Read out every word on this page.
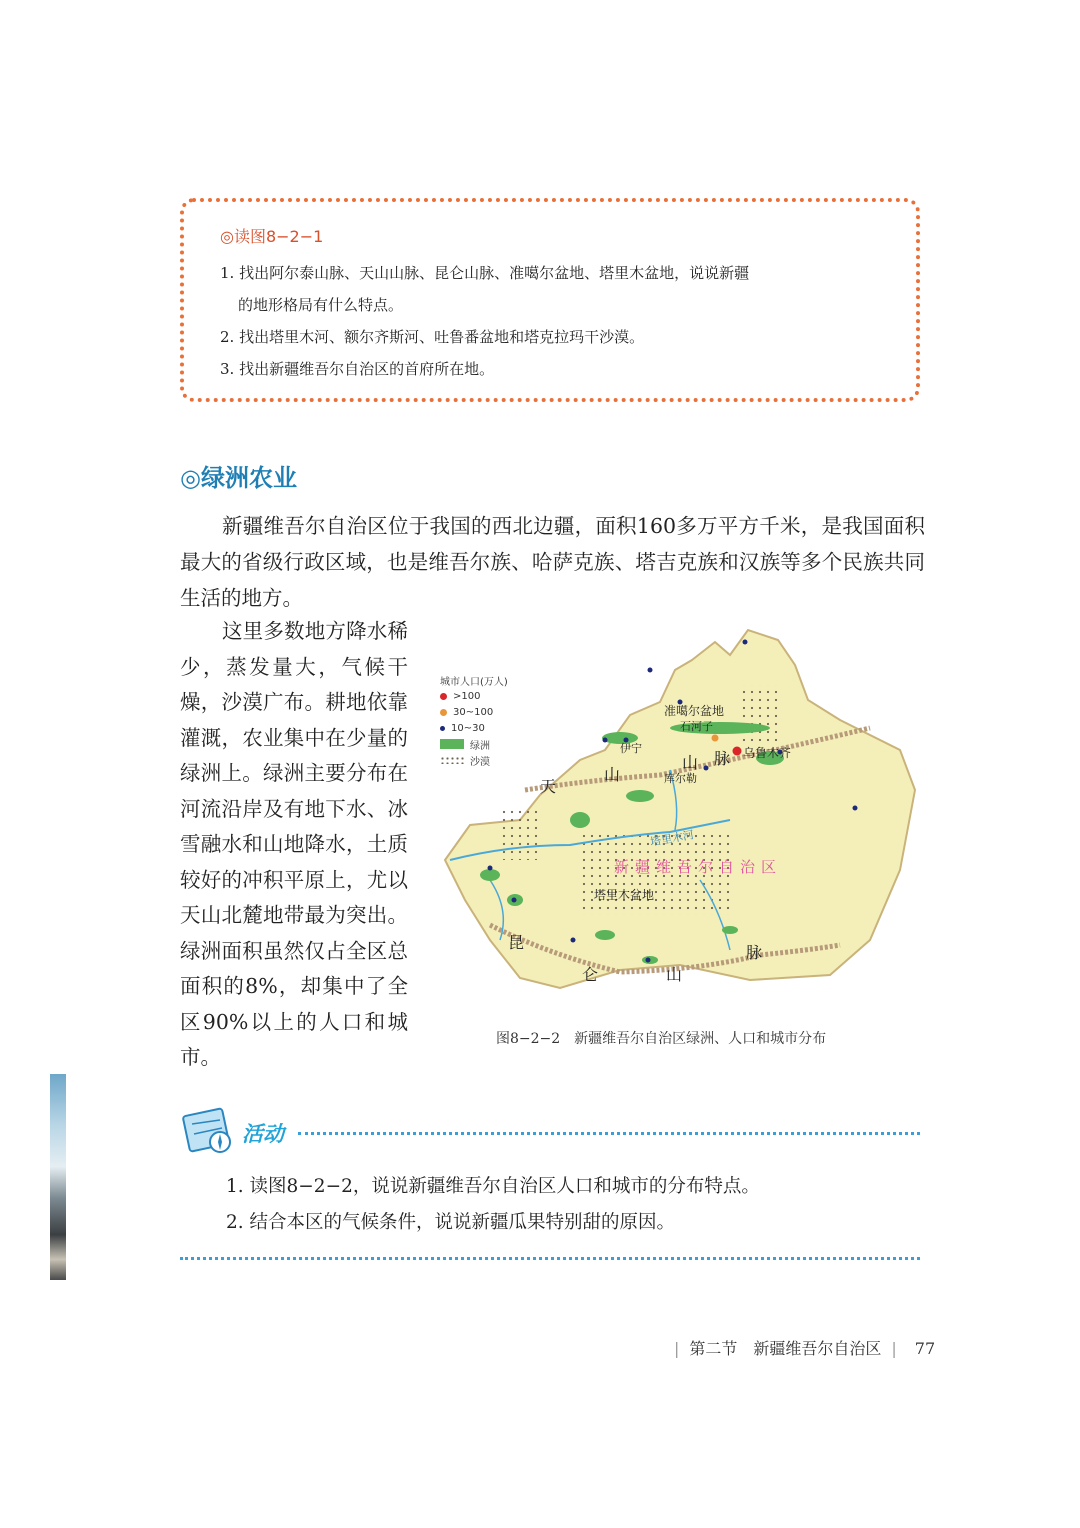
◎读图8−2−1
1. 找出阿尔泰山脉、天山山脉、昆仑山脉、准噶尔盆地、塔里木盆地，说说新疆
的地形格局有什么特点。
2. 找出塔里木河、额尔齐斯河、吐鲁番盆地和塔克拉玛干沙漠。
3. 找出新疆维吾尔自治区的首府所在地。
◎绿洲农业
新疆维吾尔自治区位于我国的西北边疆，面积160多万平方千米，是我国面积最大的省级行政区域，也是维吾尔族、哈萨克族、塔吉克族和汉族等多个民族共同生活的地方。
这里多数地方降水稀少，蒸发量大，气候干燥，沙漠广布。耕地依靠灌溉，农业集中在少量的绿洲上。绿洲主要分布在河流沿岸及有地下水、冰雪融水和山地降水，土质较好的冲积平原上，尤以天山北麓地带最为突出。绿洲面积虽然仅占全区总面积的8%，却集中了全区90%以上的人口和城市。
城市人口(万人)
>100
30~100
10~30
绿洲
沙漠
准噶尔盆地
石河子
伊宁	乌鲁木齐
库尔勒
塔里木河
新疆维吾尔自治区
塔里木盆地
天
山
山 脉
昆
仑	山
脉
图8−2−2　新疆维吾尔自治区绿洲、人口和城市分布
活动
1. 读图8−2−2，说说新疆维吾尔自治区人口和城市的分布特点。
2. 结合本区的气候条件，说说新疆瓜果特别甜的原因。
| 第二节　新疆维吾尔自治区 | 77
